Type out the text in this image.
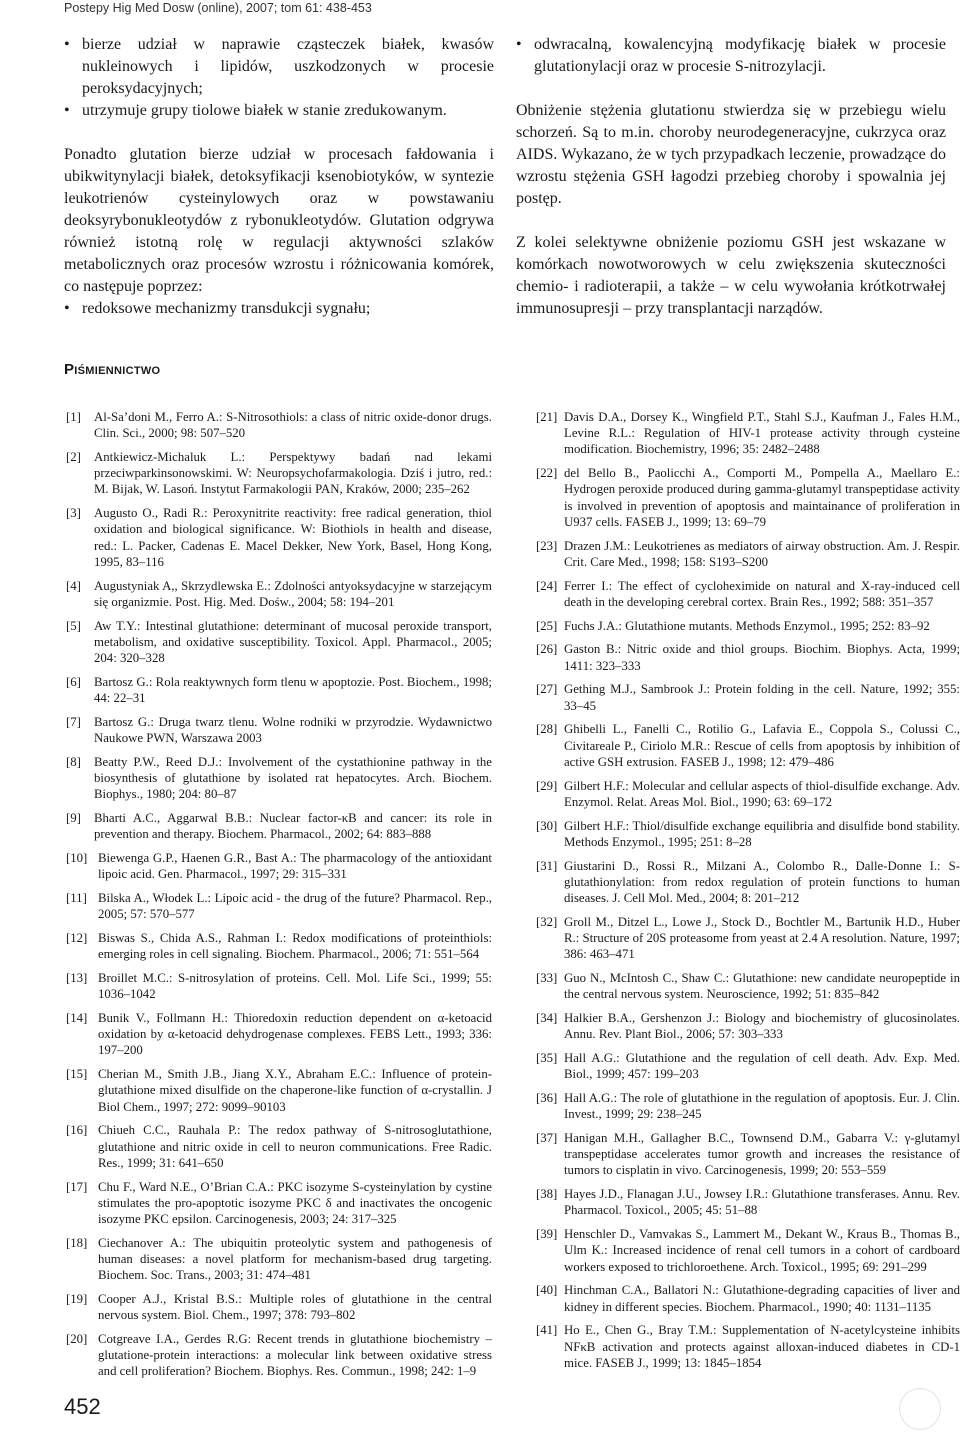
Postepy Hig Med Dosw (online), 2007; tom 61: 438-453
• bierze udział w naprawie cząsteczek białek, kwasów nukleinowych i lipidów, uszkodzonych w procesie peroksydacyjnych;
• utrzymuje grupy tiolowe białek w stanie zredukowanym.

Ponadto glutation bierze udział w procesach fałdowania i ubikwitynylacji białek, detoksyfikacji ksenobiotyków, w syntezie leukotrienów cysteinylowych oraz w powstawaniu deoksyrybonukleotydów z rybonukleotydów. Glutation odgrywa również istotną rolę w regulacji aktywności szlaków metabolicznych oraz procesów wzrostu i różnicowania komórek, co następuje poprzez:

• redoksowe mechanizmy transdukcji sygnału;
• odwracalną, kowalencyjną modyfikację białek w procesie glutationylacji oraz w procesie S-nitrozylacji.

Obniżenie stężenia glutationu stwierdza się w przebiegu wielu schorzeń. Są to m.in. choroby neurodegeneracyjne, cukrzyca oraz AIDS. Wykazano, że w tych przypadkach leczenie, prowadzące do wzrostu stężenia GSH łagodzi przebieg choroby i spowalnia jej postęp.

Z kolei selektywne obniżenie poziomu GSH jest wskazane w komórkach nowotworowych w celu zwiększenia skuteczności chemio- i radioterapii, a także – w celu wywołania krótkotrwałej immunosupresji – przy transplantacji narządów.

Piśmiennictwo
[1] Al-Sa’doni M., Ferro A.: S-Nitrosothiols: a class of nitric oxide-donor drugs. Clin. Sci., 2000; 98: 507–520
[2] Antkiewicz-Michaluk L.: Perspektywy badań nad lekami przeciwparkinsonowskimi. W: Neuropsychofarmakologia. Dziś i jutro, red.: M. Bijak, W. Lasoń. Instytut Farmakologii PAN, Kraków, 2000; 235–262
[3] Augusto O., Radi R.: Peroxynitrite reactivity: free radical generation, thiol oxidation and biological significance. W: Biothiols in health and disease, red.: L. Packer, Cadenas E. Macel Dekker, New York, Basel, Hong Kong, 1995, 83–116
[4] Augustyniak A,, Skrzydlewska E.: Zdolności antyoksydacyjne w starzejącym się organizmie. Post. Hig. Med. Dośw., 2004; 58: 194–201
[5] Aw T.Y.: Intestinal glutathione: determinant of mucosal peroxide transport, metabolism, and oxidative susceptibility. Toxicol. Appl. Pharmacol., 2005; 204: 320–328
[6] Bartosz G.: Rola reaktywnych form tlenu w apoptozie. Post. Biochem., 1998; 44: 22–31
[7] Bartosz G.: Druga twarz tlenu. Wolne rodniki w przyrodzie. Wydawnictwo Naukowe PWN, Warszawa 2003
[8] Beatty P.W., Reed D.J.: Involvement of the cystathionine pathway in the biosynthesis of glutathione by isolated rat hepatocytes. Arch. Biochem. Biophys., 1980; 204: 80–87
[9] Bharti A.C., Aggarwal B.B.: Nuclear factor-κB and cancer: its role in prevention and therapy. Biochem. Pharmacol., 2002; 64: 883–888
[10] Biewenga G.P., Haenen G.R., Bast A.: The pharmacology of the antioxidant lipoic acid. Gen. Pharmacol., 1997; 29: 315–331
[11] Bilska A., Włodek L.: Lipoic acid - the drug of the future? Pharmacol. Rep., 2005; 57: 570–577
[12] Biswas S., Chida A.S., Rahman I.: Redox modifications of proteinthiols: emerging roles in cell signaling. Biochem. Pharmacol., 2006; 71: 551–564
[13] Broillet M.C.: S-nitrosylation of proteins. Cell. Mol. Life Sci., 1999; 55: 1036–1042
[14] Bunik V., Follmann H.: Thioredoxin reduction dependent on α-ketoacid oxidation by α-ketoacid dehydrogenase complexes. FEBS Lett., 1993; 336: 197–200
[15] Cherian M., Smith J.B., Jiang X.Y., Abraham E.C.: Influence of protein-glutathione mixed disulfide on the chaperone-like function of α-crystallin. J Biol Chem., 1997; 272: 9099–90103
[16] Chiueh C.C., Rauhala P.: The redox pathway of S-nitrosoglutathione, glutathione and nitric oxide in cell to neuron communications. Free Radic. Res., 1999; 31: 641–650
[17] Chu F., Ward N.E., O’Brian C.A.: PKC isozyme S-cysteinylation by cystine stimulates the pro-apoptotic isozyme PKC δ and inactivates the oncogenic isozyme PKC epsilon. Carcinogenesis, 2003; 24: 317–325
[18] Ciechanover A.: The ubiquitin proteolytic system and pathogenesis of human diseases: a novel platform for mechanism-based drug targeting. Biochem. Soc. Trans., 2003; 31: 474–481
[19] Cooper A.J., Kristal B.S.: Multiple roles of glutathione in the central nervous system. Biol. Chem., 1997; 378: 793–802
[20] Cotgreave I.A., Gerdes R.G: Recent trends in glutathione biochemistry – glutatione-protein interactions: a molecular link between oxidative stress and cell proliferation? Biochem. Biophys. Res. Commun., 1998; 242: 1–9
[21] Davis D.A., Dorsey K., Wingfield P.T., Stahl S.J., Kaufman J., Fales H.M., Levine R.L.: Regulation of HIV-1 protease activity through cysteine modification. Biochemistry, 1996; 35: 2482–2488
[22] del Bello B., Paolicchi A., Comporti M., Pompella A., Maellaro E.: Hydrogen peroxide produced during gamma-glutamyl transpeptidase activity is involved in prevention of apoptosis and maintainance of proliferation in U937 cells. FASEB J., 1999; 13: 69–79
[23] Drazen J.M.: Leukotrienes as mediators of airway obstruction. Am. J. Respir. Crit. Care Med., 1998; 158: S193–S200
[24] Ferrer I.: The effect of cycloheximide on natural and X-ray-induced cell death in the developing cerebral cortex. Brain Res., 1992; 588: 351–357
[25] Fuchs J.A.: Glutathione mutants. Methods Enzymol., 1995; 252: 83–92
[26] Gaston B.: Nitric oxide and thiol groups. Biochim. Biophys. Acta, 1999; 1411: 323–333
[27] Gething M.J., Sambrook J.: Protein folding in the cell. Nature, 1992; 355: 33–45
[28] Ghibelli L., Fanelli C., Rotilio G., Lafavia E., Coppola S., Colussi C., Civitareale P., Ciriolo M.R.: Rescue of cells from apoptosis by inhibition of active GSH extrusion. FASEB J., 1998; 12: 479–486
[29] Gilbert H.F.: Molecular and cellular aspects of thiol-disulfide exchange. Adv. Enzymol. Relat. Areas Mol. Biol., 1990; 63: 69–172
[30] Gilbert H.F.: Thiol/disulfide exchange equilibria and disulfide bond stability. Methods Enzymol., 1995; 251: 8–28
[31] Giustarini D., Rossi R., Milzani A., Colombo R., Dalle-Donne I.: S-glutathionylation: from redox regulation of protein functions to human diseases. J. Cell Mol. Med., 2004; 8: 201–212
[32] Groll M., Ditzel L., Lowe J., Stock D., Bochtler M., Bartunik H.D., Huber R.: Structure of 20S proteasome from yeast at 2.4 A resolution. Nature, 1997; 386: 463–471
[33] Guo N., McIntosh C., Shaw C.: Glutathione: new candidate neuropeptide in the central nervous system. Neuroscience, 1992; 51: 835–842
[34] Halkier B.A., Gershenzon J.: Biology and biochemistry of glucosinolates. Annu. Rev. Plant Biol., 2006; 57: 303–333
[35] Hall A.G.: Glutathione and the regulation of cell death. Adv. Exp. Med. Biol., 1999; 457: 199–203
[36] Hall A.G.: The role of glutathione in the regulation of apoptosis. Eur. J. Clin. Invest., 1999; 29: 238–245
[37] Hanigan M.H., Gallagher B.C., Townsend D.M., Gabarra V.: γ-glutamyl transpeptidase accelerates tumor growth and increases the resistance of tumors to cisplatin in vivo. Carcinogenesis, 1999; 20: 553–559
[38] Hayes J.D., Flanagan J.U., Jowsey I.R.: Glutathione transferases. Annu. Rev. Pharmacol. Toxicol., 2005; 45: 51–88
[39] Henschler D., Vamvakas S., Lammert M., Dekant W., Kraus B., Thomas B., Ulm K.: Increased incidence of renal cell tumors in a cohort of cardboard workers exposed to trichloroethene. Arch. Toxicol., 1995; 69: 291–299
[40] Hinchman C.A., Ballatori N.: Glutathione-degrading capacities of liver and kidney in different species. Biochem. Pharmacol., 1990; 40: 1131–1135
[41] Ho E., Chen G., Bray T.M.: Supplementation of N-acetylcysteine inhibits NFκB activation and protects against alloxan-induced diabetes in CD-1 mice. FASEB J., 1999; 13: 1845–1854
452
